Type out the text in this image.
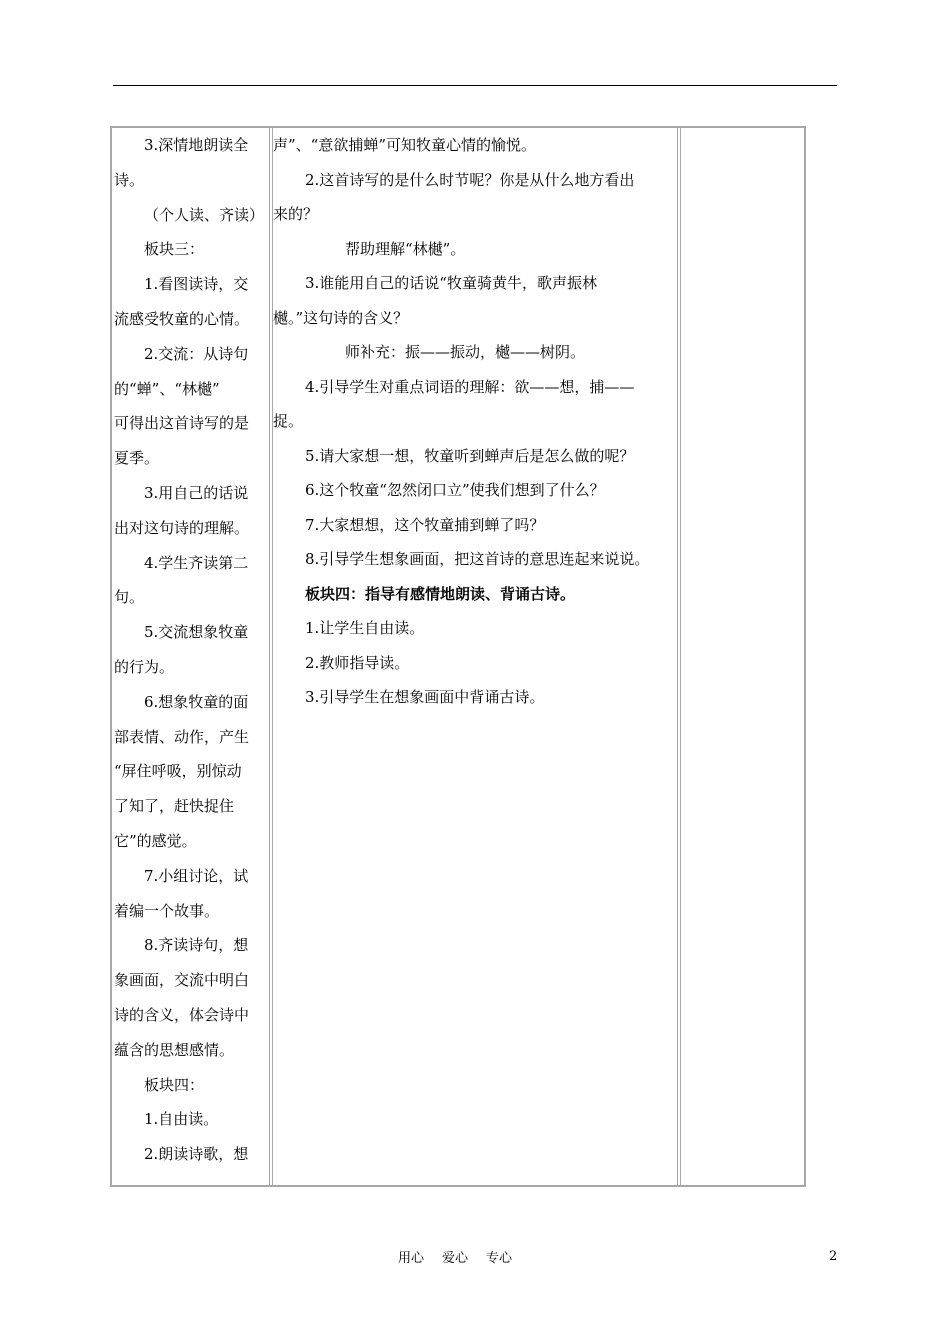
3.深情地朗读全

诗。

（个人读、齐读）

板块三：

1.看图读诗，交

流感受牧童的心情。

2.交流：从诗句

的“蝉”、“林樾”

可得出这首诗写的是

夏季。

3.用自己的话说

出对这句诗的理解。

4.学生齐读第二

句。

5.交流想象牧童

的行为。

6.想象牧童的面

部表情、动作，产生

“屏住呼吸，别惊动

了知了，赶快捉住

它”的感觉。

7.小组讨论，试

着编一个故事。

8.齐读诗句，想

象画面，交流中明白

诗的含义，体会诗中

蕴含的思想感情。

板块四：

1.自由读。

2.朗读诗歌，想

声”、“意欲捕蝉”可知牧童心情的愉悦。

2.这首诗写的是什么时节呢？你是从什么地方看出

来的？

帮助理解“林樾”。

3.谁能用自己的话说“牧童骑黄牛，歌声振林

樾。”这句诗的含义？

师补充：振——振动，樾——树阴。

4.引导学生对重点词语的理解：欲——想，捕——

捉。

5.请大家想一想，牧童听到蝉声后是怎么做的呢？

6.这个牧童“忽然闭口立”使我们想到了什么？

7.大家想想，这个牧童捕到蝉了吗？

8.引导学生想象画面，把这首诗的意思连起来说说。

板块四：指导有感情地朗读、背诵古诗。

1.让学生自由读。

2.教师指导读。

3.引导学生在想象画面中背诵古诗。

用心 爱心 专心	2
